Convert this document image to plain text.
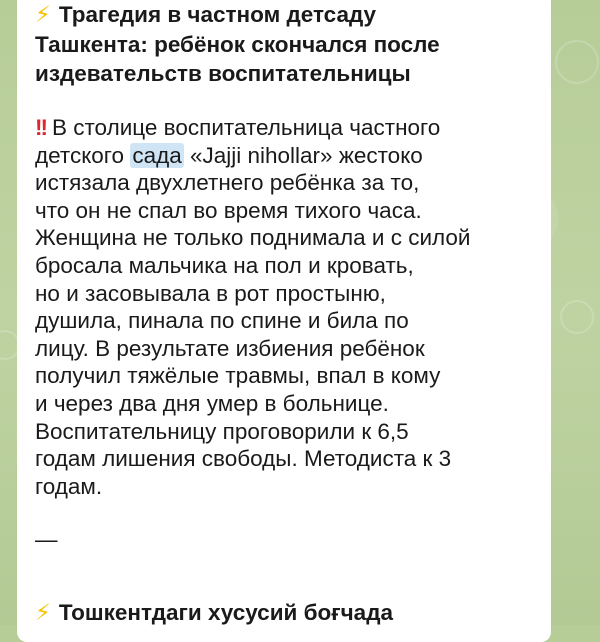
⚡ Трагедия в частном детсаду
Ташкента: ребёнок скончался после
издевательств воспитательницы
!! В столице воспитательница частного
детского сада «Jajji nihollar» жестоко
истязала двухлетнего ребёнка за то,
что он не спал во время тихого часа.
Женщина не только поднимала и с силой
бросала мальчика на пол и кровать,
но и засовывала в рот простыню,
душила, пинала по спине и била по
лицу. В результате избиения ребёнок
получил тяжёлые травмы, впал в кому
и через два дня умер в больнице.
Воспитательницу проговорили к 6,5
годам лишения свободы. Методиста к 3
годам.
—
⚡ Тошкентдаги хусусий боғчада
